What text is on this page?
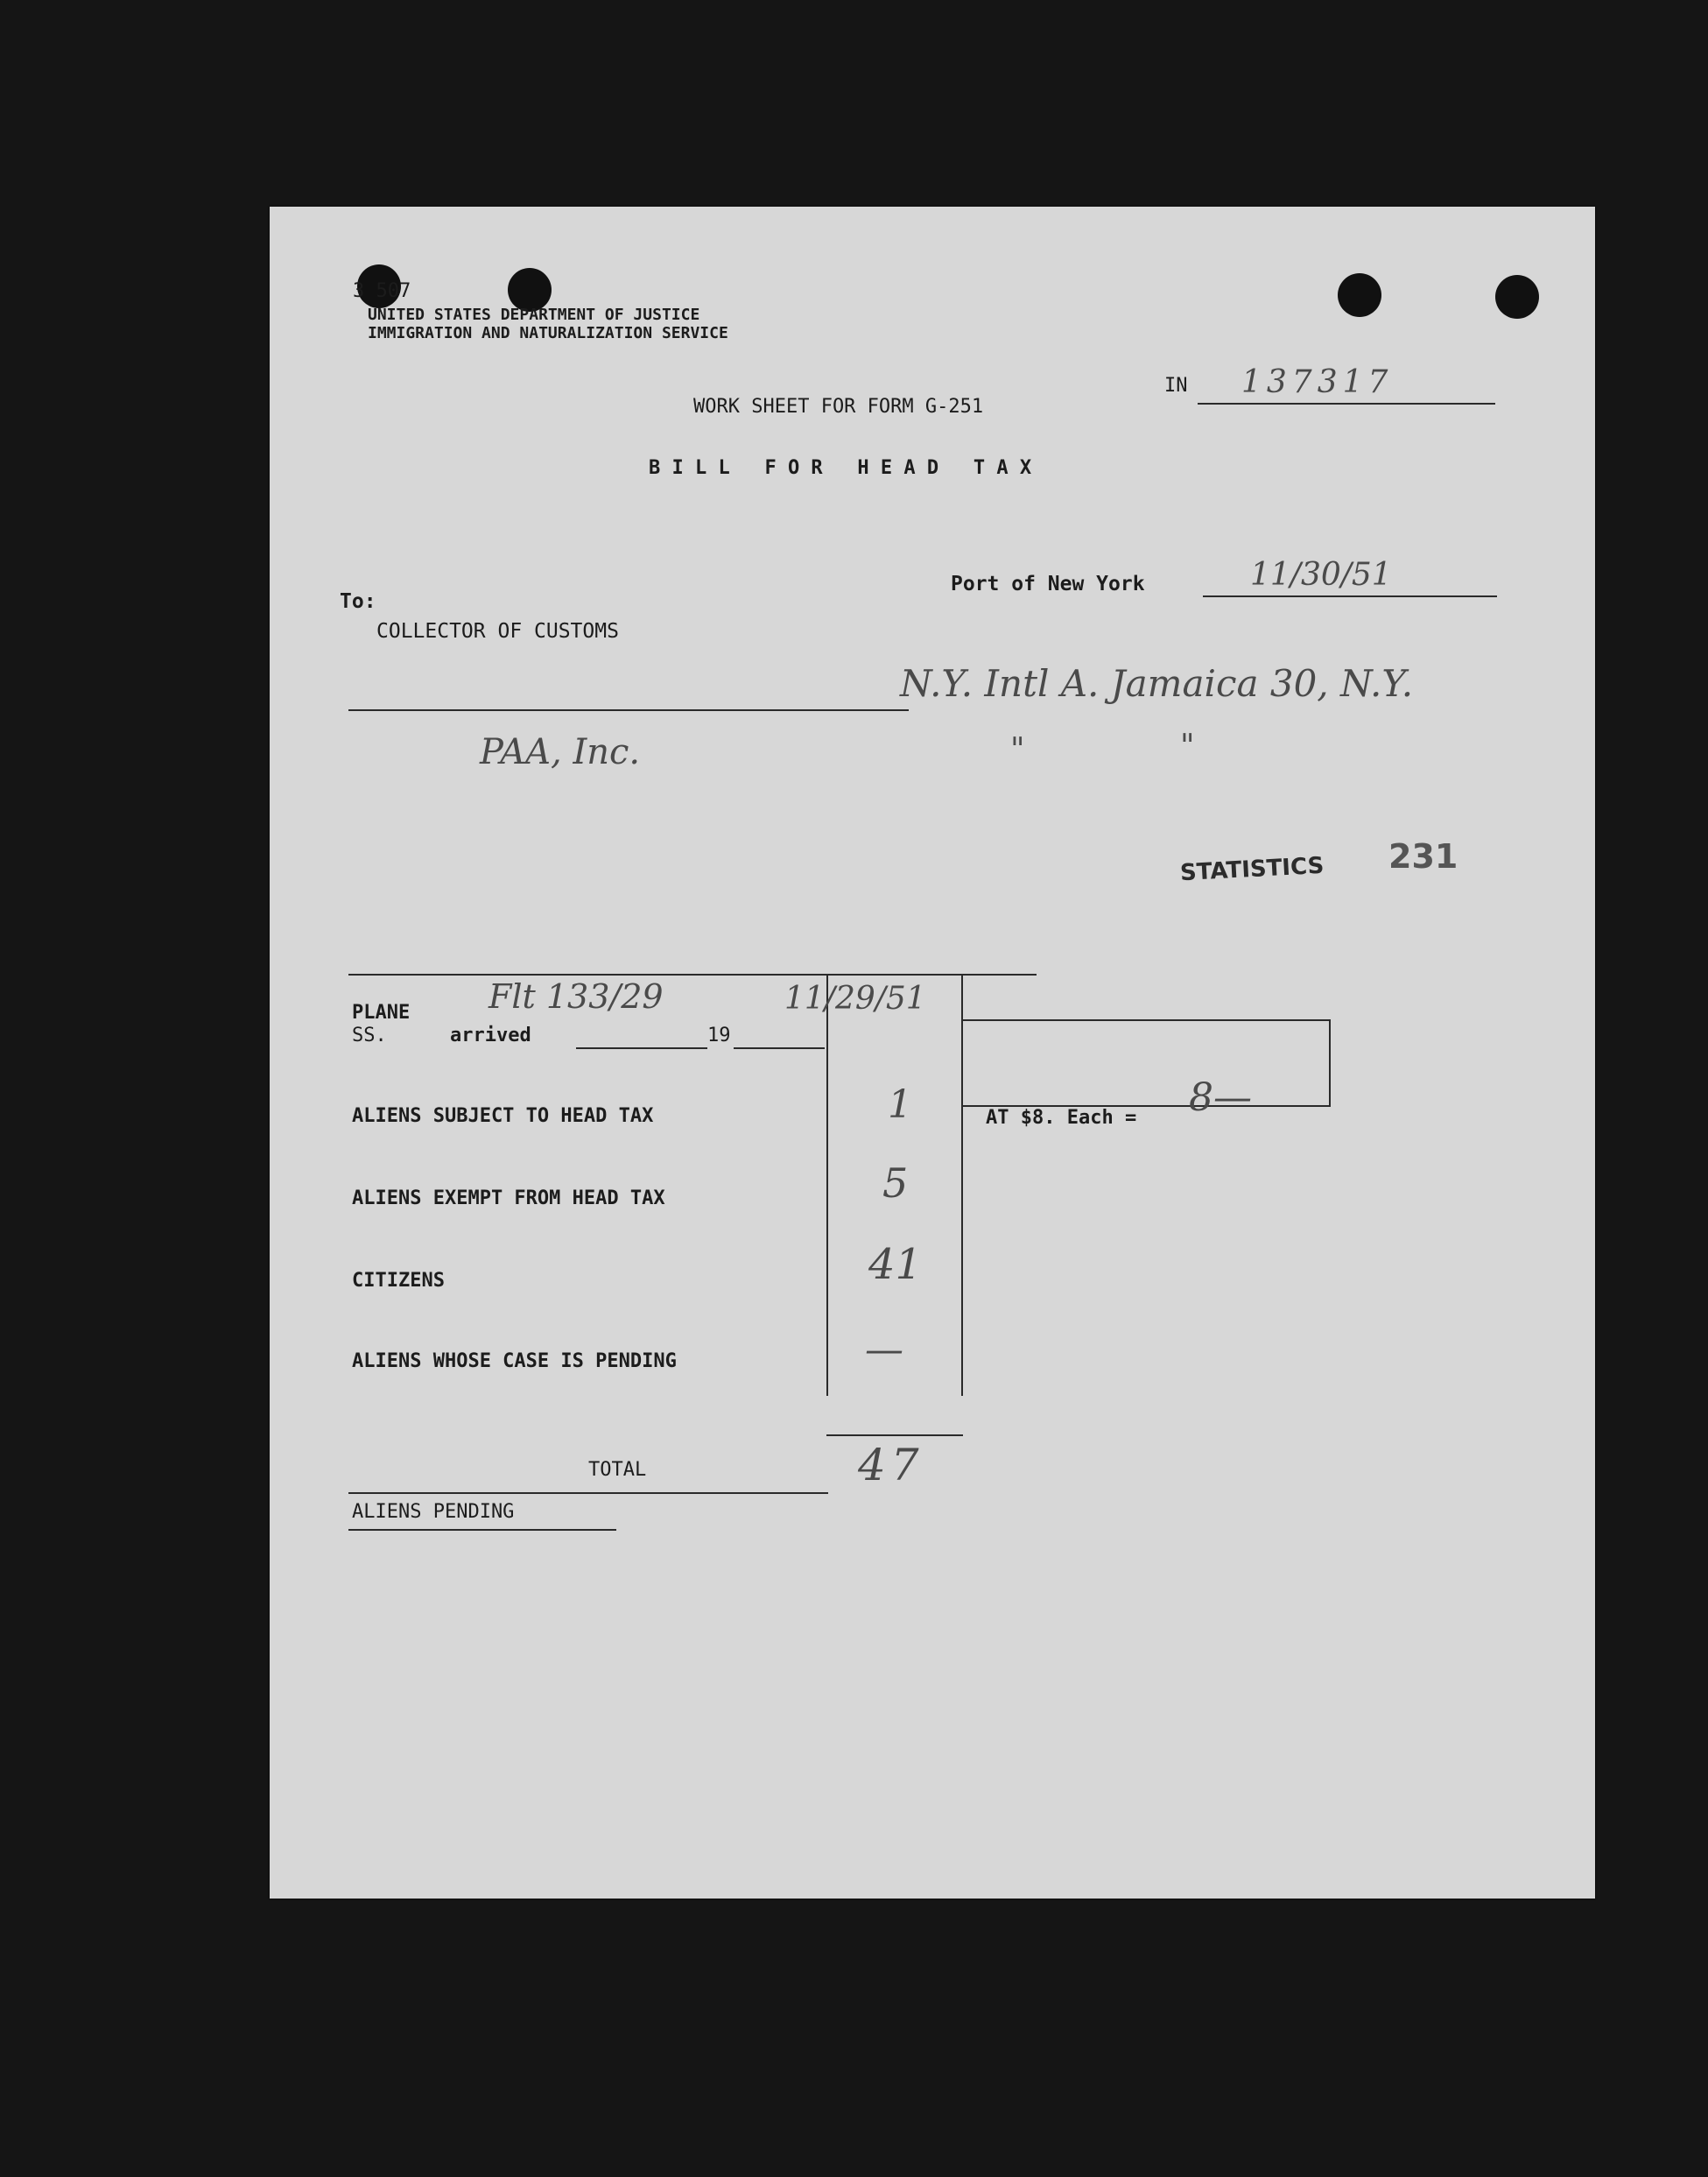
3 507
UNITED STATES DEPARTMENT OF JUSTICE
IMMIGRATION AND NATURALIZATION SERVICE
IN 137317
WORK SHEET FOR FORM G-251
B I L L   F O R   H E A D   T A X
Port of New York	11/30/51
To:
COLLECTOR OF CUSTOMS
N.Y. Intl A. Jamaica 30, N.Y.
"	"
PAA, Inc.
STATISTICS 231
PLANE Flt 133/29	11/29/51
SS.	arrived	19
ALIENS SUBJECT TO HEAD TAX	1
ALIENS EXEMPT FROM HEAD TAX	5
CITIZENS	41
ALIENS WHOSE CASE IS PENDING	—
TOTAL	47
ALIENS PENDING
AT $8. Each = 8—
